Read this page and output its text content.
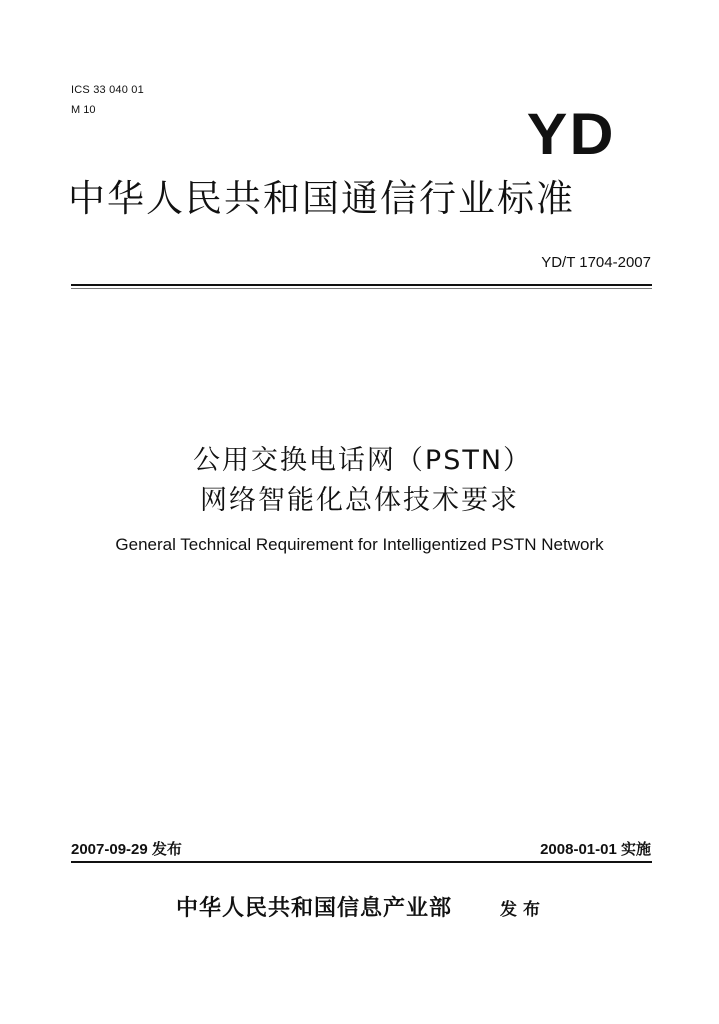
ICS 33 040 01
M 10	YD
中华人民共和国通信行业标准
YD/T 1704-2007
公用交换电话网（PSTN）
网络智能化总体技术要求
General Technical Requirement for Intelligentized PSTN Network
2007-09-29 发布	2008-01-01 实施
中华人民共和国信息产业部	发布
